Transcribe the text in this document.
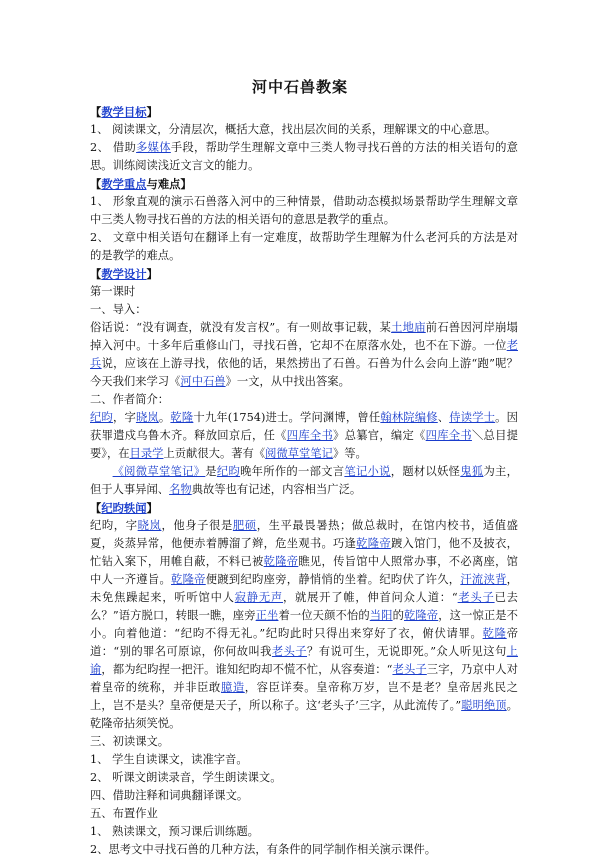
河中石兽教案

【教学目标】

1、 阅读课文，分清层次，概括大意，找出层次间的关系，理解课文的中心意思。

2、 借助多媒体手段，帮助学生理解文章中三类人物寻找石兽的方法的相关语句的意思。训练阅读浅近文言文的能力。

【教学重点与难点】

1、 形象直观的演示石兽落入河中的三种情景，借助动态模拟场景帮助学生理解文章中三类人物寻找石兽的方法的相关语句的意思是教学的重点。

2、 文章中相关语句在翻译上有一定难度，故帮助学生理解为什么老河兵的方法是对的是教学的难点。

【教学设计】

第一课时

一、导入：

俗话说：“没有调查，就没有发言权”。有一则故事记载，某土地庙前石兽因河岸崩塌掉入河中。十多年后重修山门，寻找石兽，它却不在原落水处，也不在下游。一位老兵说，应该在上游寻找，依他的话，果然捞出了石兽。石兽为什么会向上游“跑”呢？今天我们来学习《河中石兽》一文，从中找出答案。

二、作者简介：

纪昀，字晓岚。乾隆十九年(1754)进士。学问渊博，曾任翰林院编修、侍读学士。因获罪遣戍乌鲁木齐。释放回京后，任《四库全书》总纂官，编定《四库全书＼总目提要》，在目录学上贡献很大。著有《阅微草堂笔记》等。

《阅微草堂笔记》是纪昀晚年所作的一部文言笔记小说，题材以妖怪鬼狐为主，但于人事异闻、名物典故等也有记述，内容相当广泛。

【纪昀轶闻】

纪昀，字晓岚，他身子很是肥硕，生平最畏暑热；做总裁时，在馆内校书，适值盛夏，炎蒸异常，他便赤着膊溜了辫，危坐观书。巧逢乾隆帝踱入馆门，他不及披衣，忙钻入案下，用帷自蔽，不料已被乾隆帝瞧见，传旨馆中人照常办事，不必离座，馆中人一齐遵旨。乾隆帝便踱到纪昀座旁，静悄悄的坐着。纪昀伏了许久，汗流浃背，未免焦躁起来，听听馆中人寂静无声，就展开了帷，伸首问众人道：“老头子已去么？”语方脱口，转眼一瞧，座旁正坐着一位天颜不怡的当阳的乾隆帝，这一惊正是不小。向着他道：“纪昀不得无礼。”纪昀此时只得出来穿好了衣，俯伏请罪。乾隆帝道：“别的罪名可原谅，你何故叫我老头子？有说可生，无说即死。”众人听见这句上谕，都为纪昀捏一把汗。谁知纪昀却不慌不忙，从容奏道：“老头子三字，乃京中人对着皇帝的统称，并非臣敢臆造，容臣详奏。皇帝称万岁，岂不是老？皇帝居兆民之上，岂不是头？皇帝便是天子，所以称子。这‘老头子’三字，从此流传了。”聪明绝顶。乾隆帝拈须笑悦。

三、初读课文。

1、 学生自读课文，读准字音。

2、 听课文朗读录音，学生朗读课文。

四、借助注释和词典翻译课文。

五、布置作业

1、 熟读课文，预习课后训练题。

2、思考文中寻找石兽的几种方法，有条件的同学制作相关演示课件。
